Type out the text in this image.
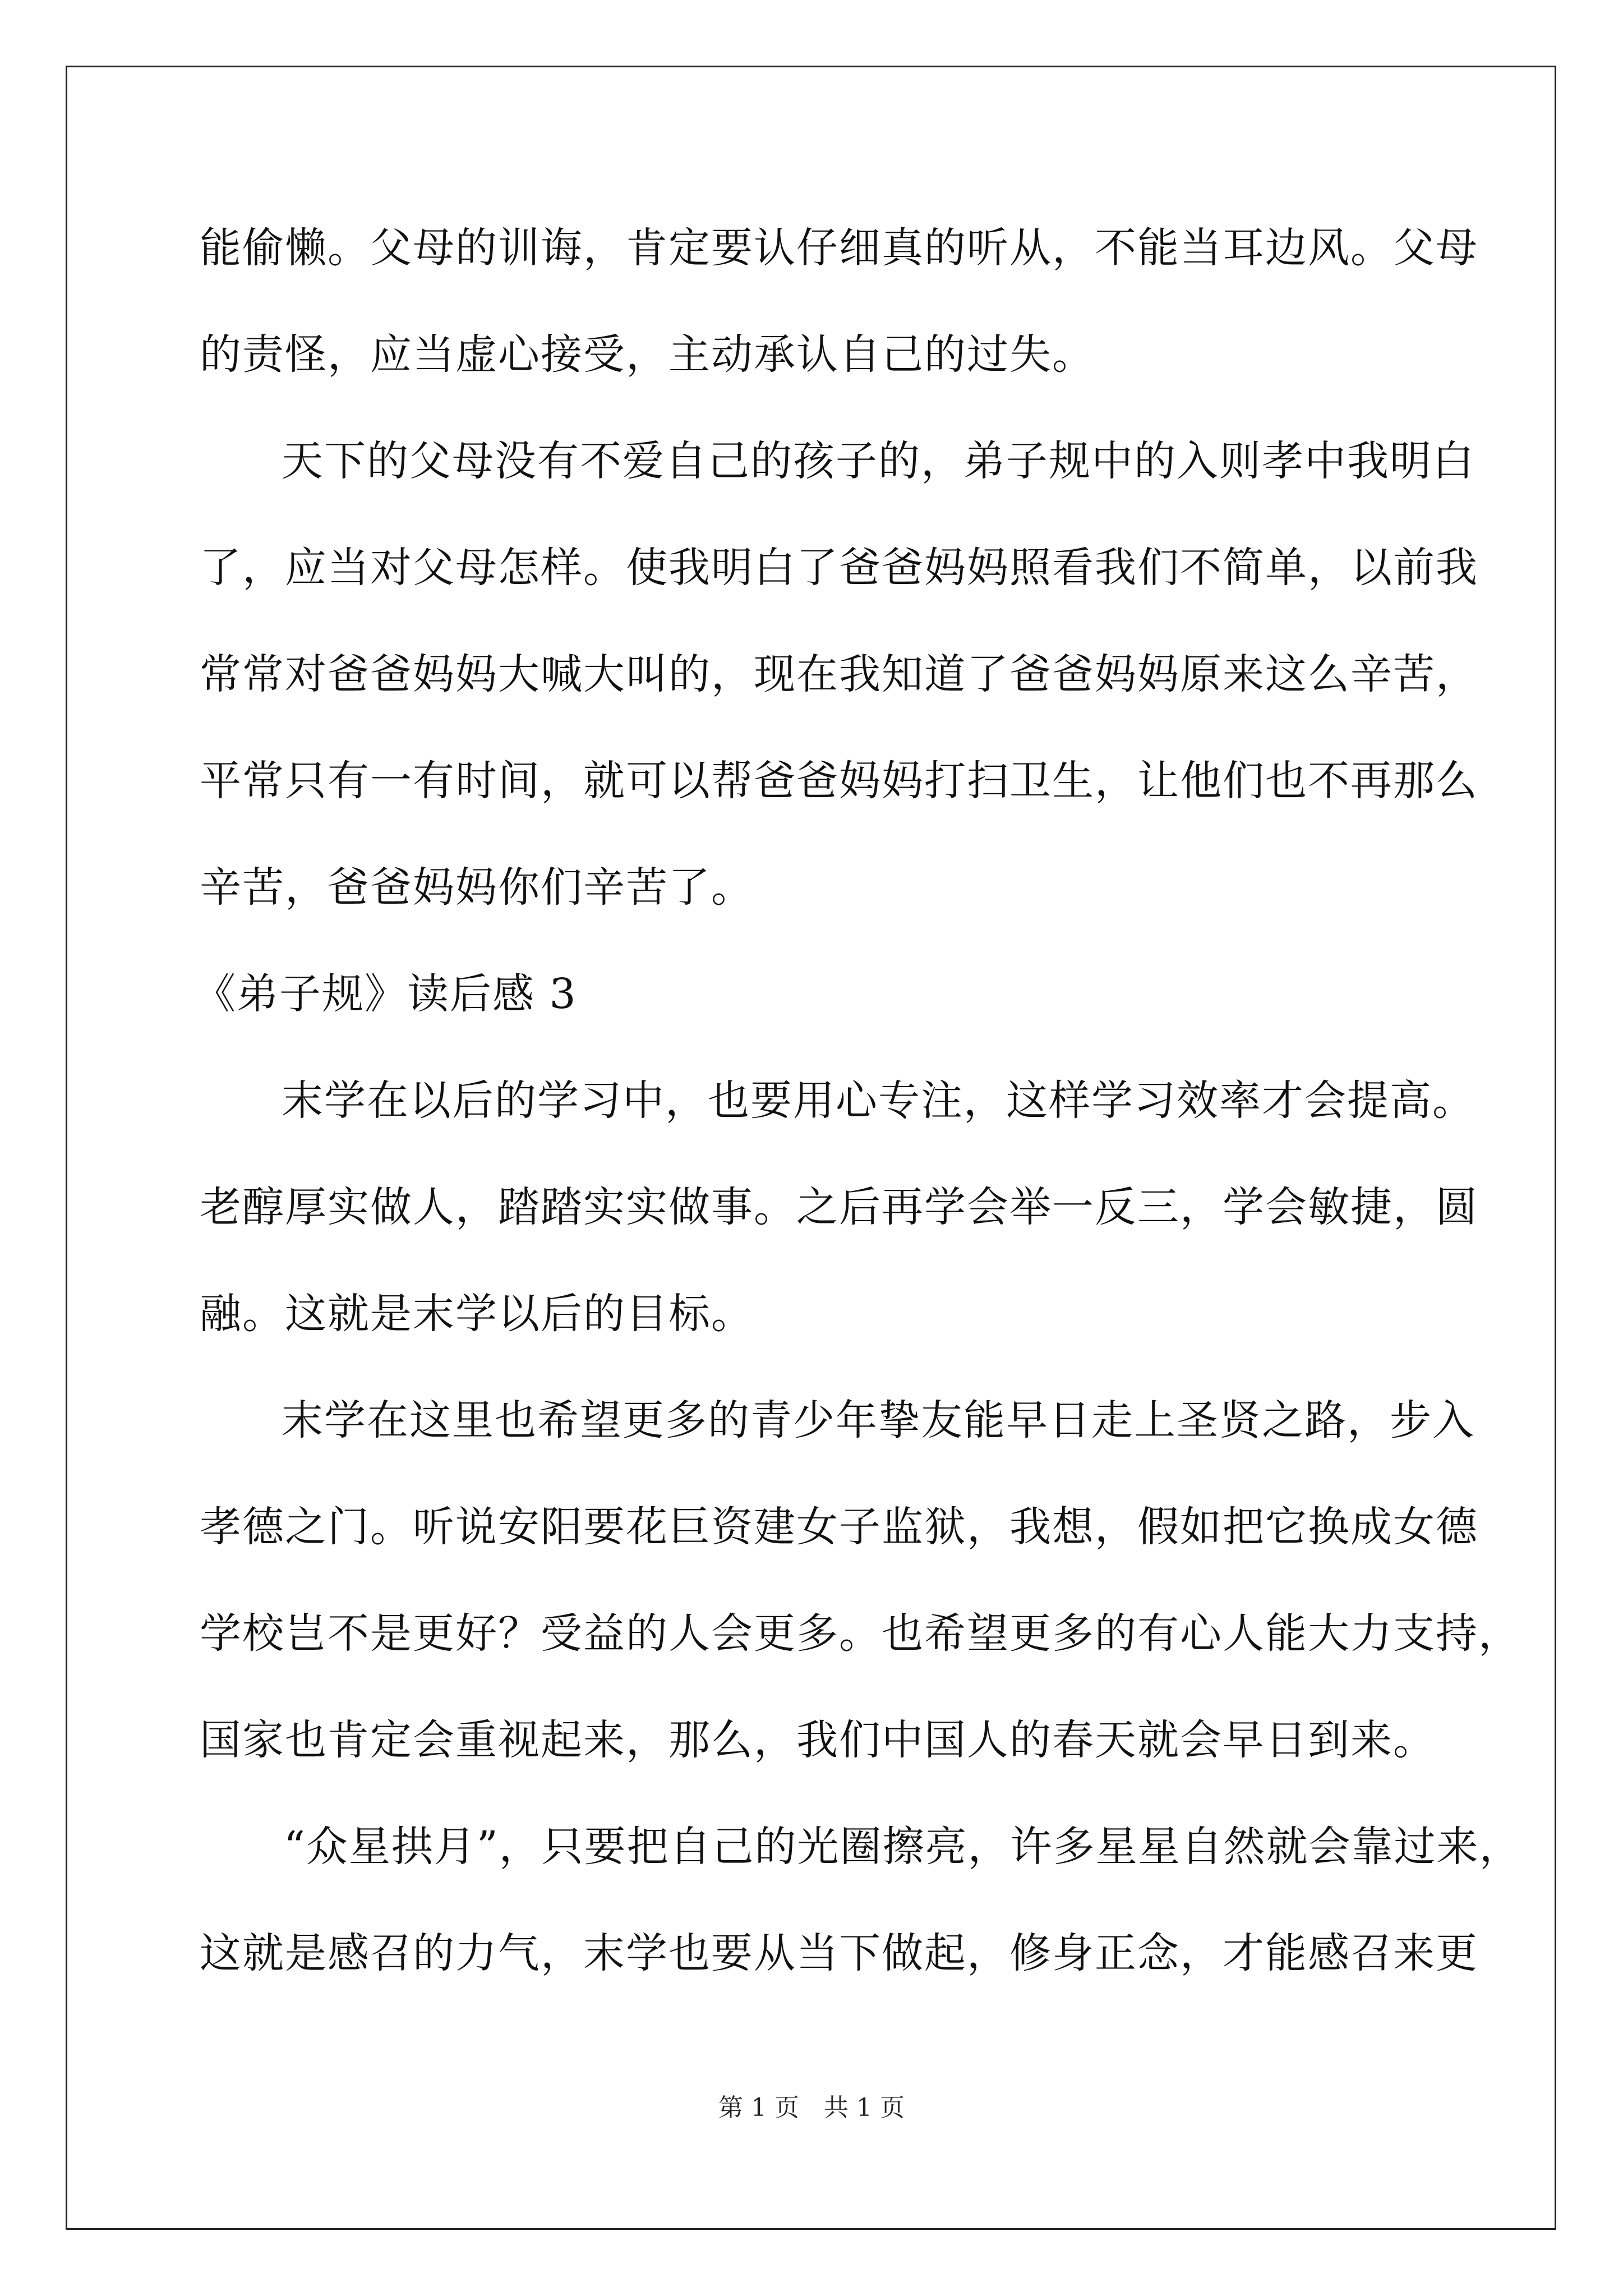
能偷懒。父母的训诲，肯定要认仔细真的听从，不能当耳边风。父母
的责怪，应当虚心接受，主动承认自己的过失。
天下的父母没有不爱自己的孩子的，弟子规中的入则孝中我明白
了，应当对父母怎样。使我明白了爸爸妈妈照看我们不简单，以前我
常常对爸爸妈妈大喊大叫的，现在我知道了爸爸妈妈原来这么辛苦，
平常只有一有时间，就可以帮爸爸妈妈打扫卫生，让他们也不再那么
辛苦，爸爸妈妈你们辛苦了。
《弟子规》读后感 3
末学在以后的学习中，也要用心专注，这样学习效率才会提高。
老醇厚实做人，踏踏实实做事。之后再学会举一反三，学会敏捷，圆
融。这就是末学以后的目标。
末学在这里也希望更多的青少年挚友能早日走上圣贤之路，步入
孝德之门。听说安阳要花巨资建女子监狱，我想，假如把它换成女德
学校岂不是更好？受益的人会更多。也希望更多的有心人能大力支持，
国家也肯定会重视起来，那么，我们中国人的春天就会早日到来。
“众星拱月”，只要把自己的光圈擦亮，许多星星自然就会靠过来，
这就是感召的力气，末学也要从当下做起，修身正念，才能感召来更
第 1 页　共 1 页
